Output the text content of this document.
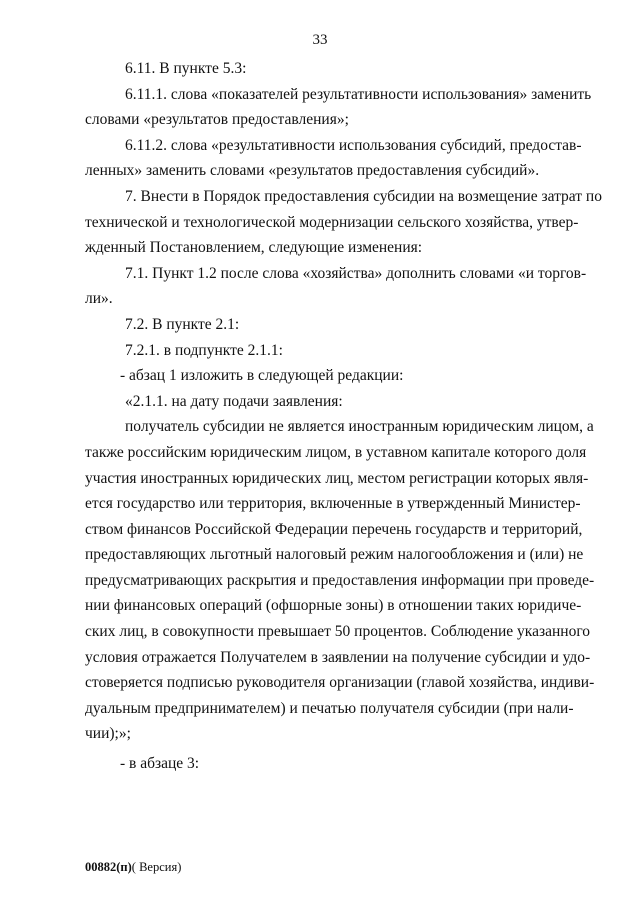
33
6.11. В пункте 5.3:
6.11.1. слова «показателей результативности использования» заменить
словами «результатов предоставления»;
6.11.2. слова «результативности использования субсидий, предостав-
ленных» заменить словами «результатов предоставления субсидий».
7. Внести в Порядок предоставления субсидии на возмещение затрат по
технической и технологической модернизации сельского хозяйства, утвер-
жденный Постановлением, следующие изменения:
7.1. Пункт 1.2 после слова «хозяйства» дополнить словами «и торгов-
ли».
7.2. В пункте 2.1:
7.2.1. в подпункте 2.1.1:
- абзац 1 изложить в следующей редакции:
«2.1.1. на дату подачи заявления:
получатель субсидии не является иностранным юридическим лицом, а
также российским юридическим лицом, в уставном капитале которого доля
участия иностранных юридических лиц, местом регистрации которых явля-
ется государство или территория, включенные в утвержденный Министер-
ством финансов Российской Федерации перечень государств и территорий,
предоставляющих льготный налоговый режим налогообложения и (или) не
предусматривающих раскрытия и предоставления информации при проведе-
нии финансовых операций (офшорные зоны) в отношении таких юридиче-
ских лиц, в совокупности превышает 50 процентов. Соблюдение указанного
условия отражается Получателем в заявлении на получение субсидии и удо-
стоверяется подписью руководителя организации (главой хозяйства, индиви-
дуальным предпринимателем) и печатью получателя субсидии (при нали-
чии);»;
- в абзаце 3:
00882(п)( Версия)
